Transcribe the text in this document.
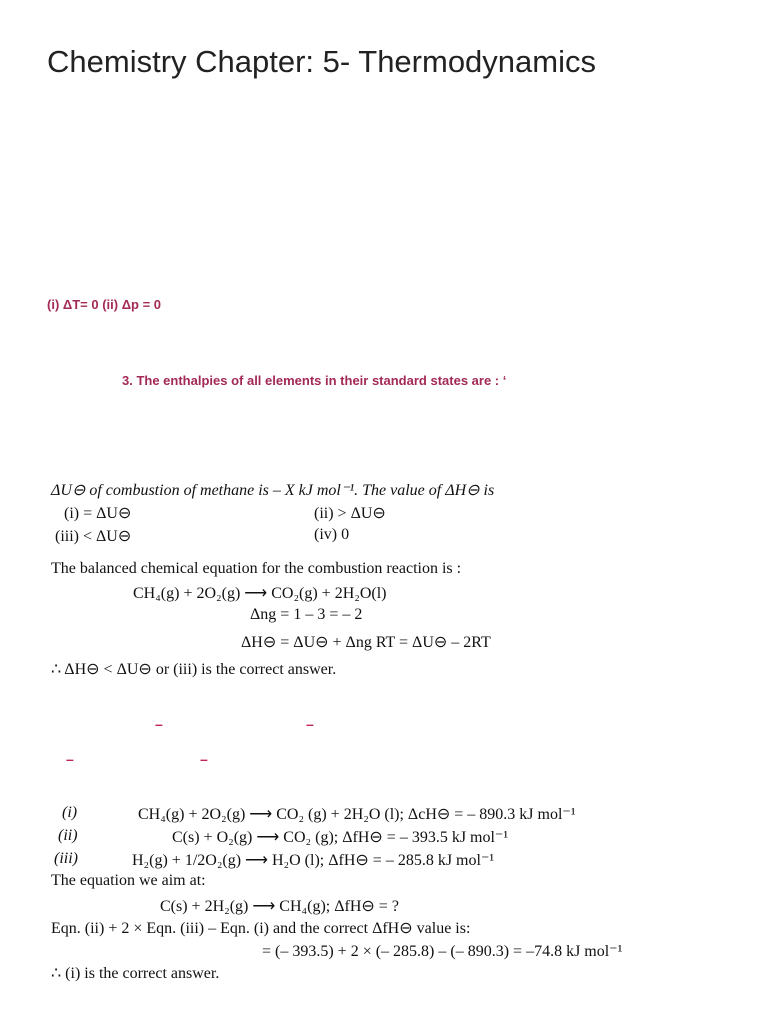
Chemistry Chapter: 5- Thermodynamics
(i) ΔT= 0 (ii) Δp = 0
3. The enthalpies of all elements in their standard states are : ‘
ΔU⊖ of combustion of methane is – X kJ mol⁻¹. The value of ΔH⊖ is
(i) = ΔU⊖	(ii) > ΔU⊖
(iii) < ΔU⊖	(iv) 0
The balanced chemical equation for the combustion reaction is :
CH₄(g) + 2O₂(g) ⟶ CO₂(g) + 2H₂O(l)
Δng = 1 – 3 = – 2
ΔH⊖ = ΔU⊖ + Δng RT = ΔU⊖ – 2RT
∴ ΔH⊖ < ΔU⊖ or (iii) is the correct answer.
–	–
–	–
(i)	CH₄(g) + 2O₂(g) ⟶ CO₂ (g) + 2H₂O (l); ΔcH⊖ = – 890.3 kJ mol⁻¹
(ii)	C(s) + O₂(g) ⟶ CO₂ (g); ΔfH⊖ = – 393.5 kJ mol⁻¹
(iii)	H₂(g) + 1/2O₂(g) ⟶ H₂O (l); ΔfH⊖ = – 285.8 kJ mol⁻¹
The equation we aim at:
C(s) + 2H₂(g) ⟶ CH₄(g); ΔfH⊖ = ?
Eqn. (ii) + 2 × Eqn. (iii) – Eqn. (i) and the correct ΔfH⊖ value is:
= (– 393.5) + 2 × (– 285.8) – (– 890.3) = –74.8 kJ mol⁻¹
∴ (i) is the correct answer.
